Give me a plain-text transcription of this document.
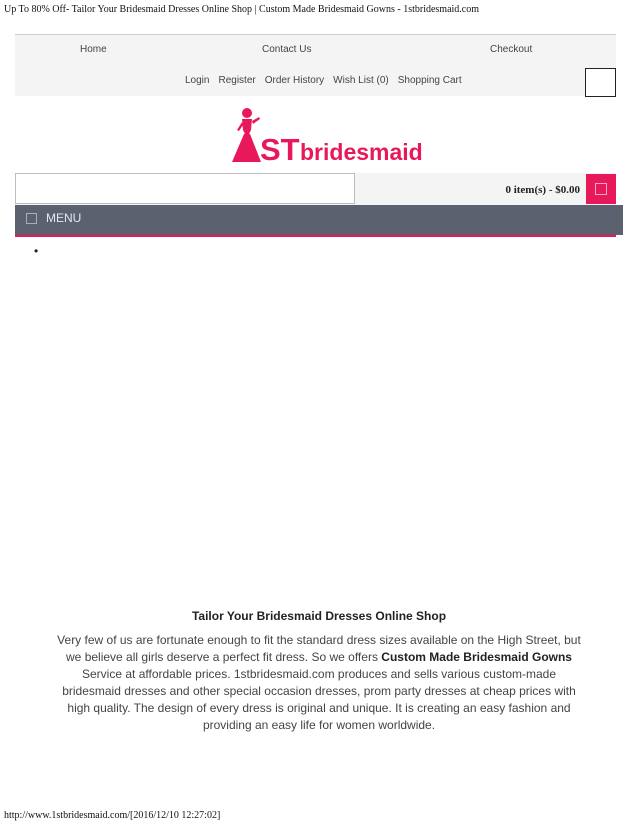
Up To 80% Off- Tailor Your Bridesmaid Dresses Online Shop | Custom Made Bridesmaid Gowns - 1stbridesmaid.com
Home	Contact Us	Checkout
Login Register Order History Wish List (0) Shopping Cart
ST bridesmaid
0 item(s) - $0.00
MENU
•
Tailor Your Bridesmaid Dresses Online Shop

Very few of us are fortunate enough to fit the standard dress sizes available on the High Street, but we believe all girls deserve a perfect fit dress. So we offers Custom Made Bridesmaid Gowns Service at affordable prices. 1stbridesmaid.com produces and sells various custom-made bridesmaid dresses and other special occasion dresses, prom party dresses at cheap prices with high quality. The design of every dress is original and unique. It is creating an easy fashion and providing an easy life for women worldwide.

http://www.1stbridesmaid.com/[2016/12/10 12:27:02]
